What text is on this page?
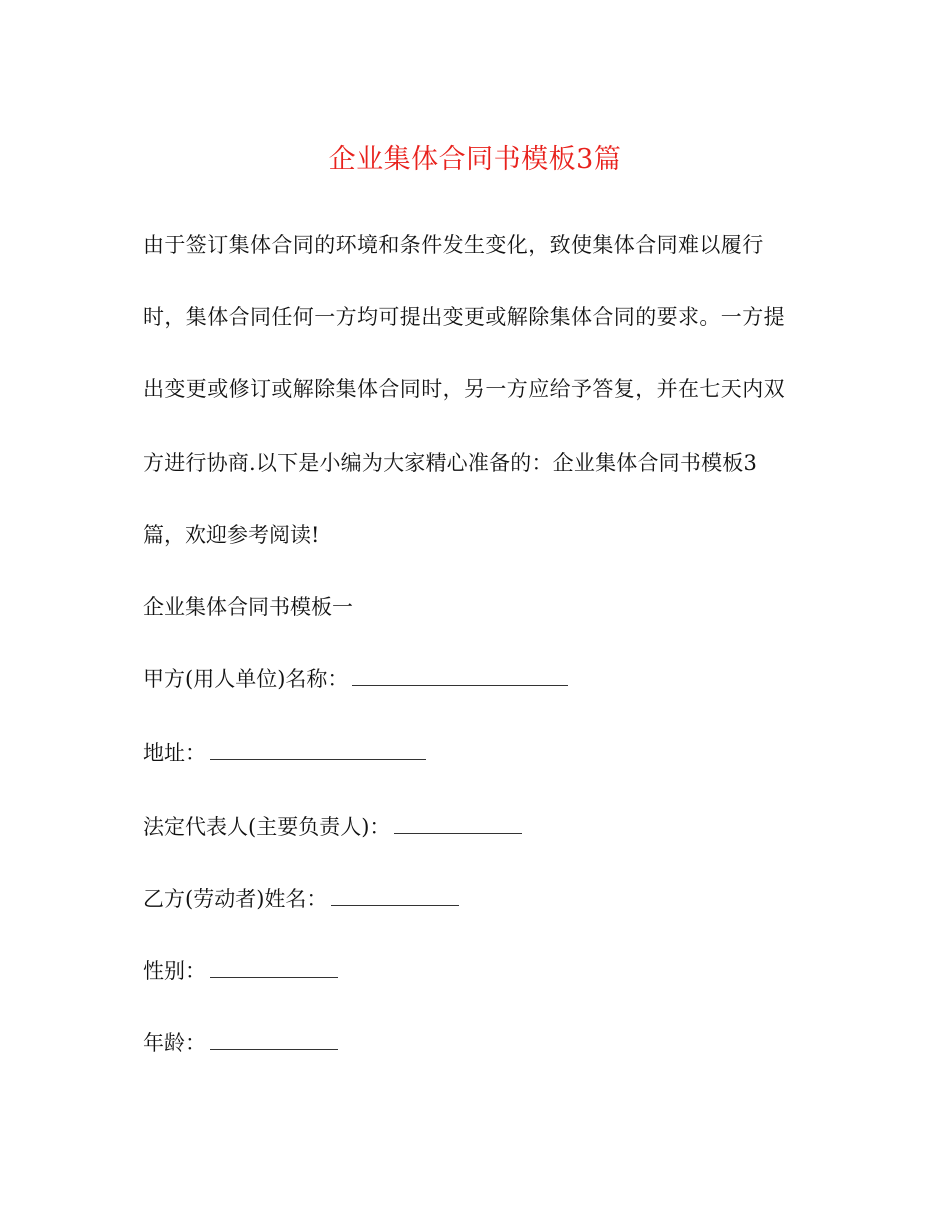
企业集体合同书模板3篇
由于签订集体合同的环境和条件发生变化，致使集体合同难以履行
时，集体合同任何一方均可提出变更或解除集体合同的要求。一方提
出变更或修订或解除集体合同时，另一方应给予答复，并在七天内双
方进行协商.以下是小编为大家精心准备的：企业集体合同书模板3
篇，欢迎参考阅读!
企业集体合同书模板一
甲方(用人单位)名称：
地址：
法定代表人(主要负责人)：
乙方(劳动者)姓名：
性别：
年龄：
